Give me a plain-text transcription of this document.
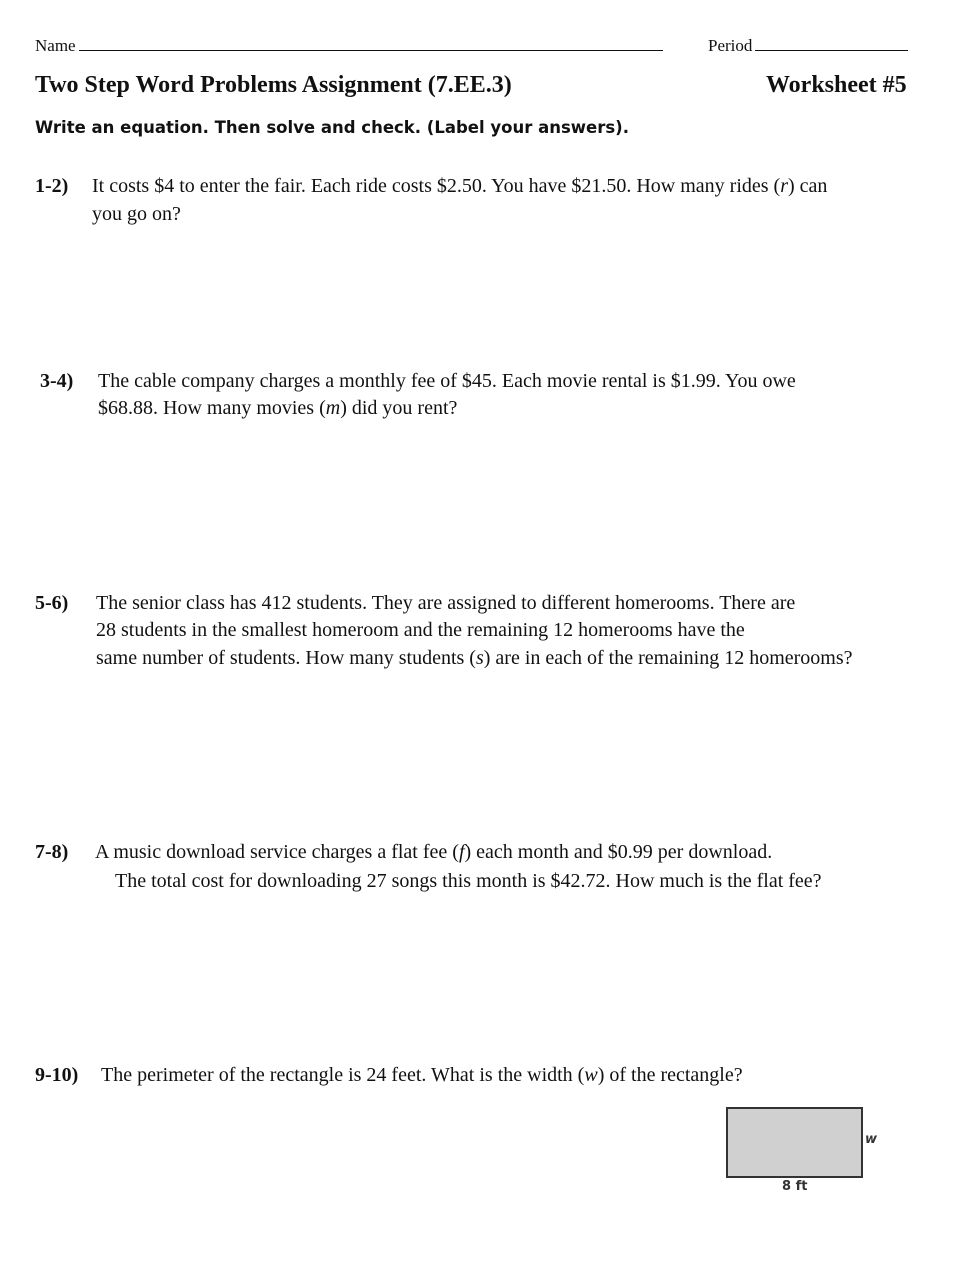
Name	Period
Two Step Word Problems Assignment (7.EE.3)	Worksheet #5
Write an equation. Then solve and check. (Label your answers).
1-2) It costs $4 to enter the fair. Each ride costs $2.50. You have $21.50. How many rides (r) can
you go on?
3-4) The cable company charges a monthly fee of $45. Each movie rental is $1.99. You owe
$68.88. How many movies (m) did you rent?
5-6) The senior class has 412 students. They are assigned to different homerooms. There are
28 students in the smallest homeroom and the remaining 12 homerooms have the
same number of students. How many students (s) are in each of the remaining 12 homerooms?
7-8) A music download service charges a flat fee (f) each month and $0.99 per download.
The total cost for downloading 27 songs this month is $42.72. How much is the flat fee?
9-10) The perimeter of the rectangle is 24 feet. What is the width (w) of the rectangle?
w
8 ft
